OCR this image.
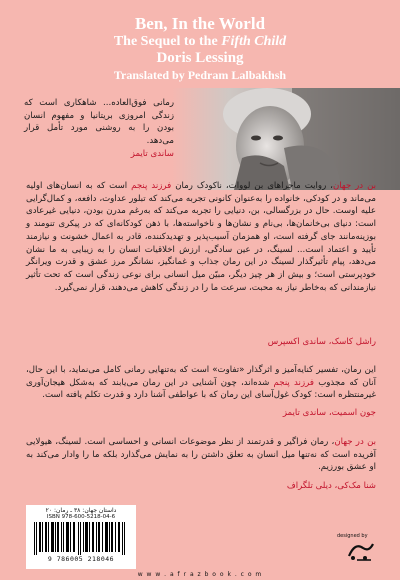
Ben, In the World
The Sequel to the Fifth Child
Doris Lessing
Translated by Pedram Lalbakhsh
رمانی فوق‌العاده... شاهکاری است که زندگی امروزی بریتانیا و مفهوم انسان بودن را به روشنی مورد تأمل قرار می‌دهد.
ساندی تایمز
بن در جهان، روایت ماجراهای بن لووات، ناکودک رمان فرزند پنجم است که به انسان‌های اولیه می‌ماند و در کودکی، خانواده را به‌عنوان کانونی تجربه می‌کند که تبلور عداوت، دافعه، و کمال‌گرایی علیه اوست. حال در بزرگسالی، بن، دنیایی را تجربه می‌کند که به‌رغم مدرن بودن، دنیایی غیرعادی است: دنیای بی‌خانمان‌ها، بی‌نام و نشان‌ها و ناخواسته‌ها، با ذهن کودکانه‌ای که در پیکری تنومند و بوزینه‌مانند جای گرفته است، او همزمان آسیب‌پذیر و تهدیدکننده، قادر به اعمال خشونت و نیازمند تأیید و اعتماد است... لسینگ، در عین سادگی، ارزش اخلاقیات انسان را به زیبایی به ما نشان می‌دهد، پیام تأثیرگذار لسینگ در این رمان جذاب و غمانگیز، نشانگر مرز عشق و قدرت ویرانگر خودپرستی است؛ و بیش از هر چیز دیگر، مبیّن میل انسانی برای نوعی زندگی است که تحت تأثیر نیازمندانی که به‌خاطر نیاز به محبت، سرعت ما را در زندگی کاهش می‌دهند، قرار نمی‌گیرد.
راشل کاسک، ساندی اکسپرس
این رمان، تفسیر کنایه‌آمیز و اثرگذار «تفاوت» است که به‌تنهایی رمانی کامل می‌نماید، با این حال، آنان که مجذوب فرزند پنجم شده‌اند، چون آشنایی در این رمان می‌یابند که به‌شکل هیجان‌آوری غیرمنتظره است: کودک غول‌آسای این رمان که با عواطفی آشنا دارد و قدرت تکلم یافته است.
جون اسمیت، ساندی تایمز
بن در جهان، رمان فراگیر و قدرتمند از نظر موضوعات انسانی و احساسی است. لسینگ، هیولایی آفریده است که نه‌تنها میل انسان به تعلق داشتن را به نمایش می‌گذارد بلکه ما را وادار می‌کند به او عشق بورزیم.
شنا مک‌کی، دیلی تلگراف
داستان جهان: ۳۸ ـ رمان: ۲۰
ISBN 978-600-5218-04-6
9 786005 218046
designed by
w w w . a f r a z b o o k . c o m
